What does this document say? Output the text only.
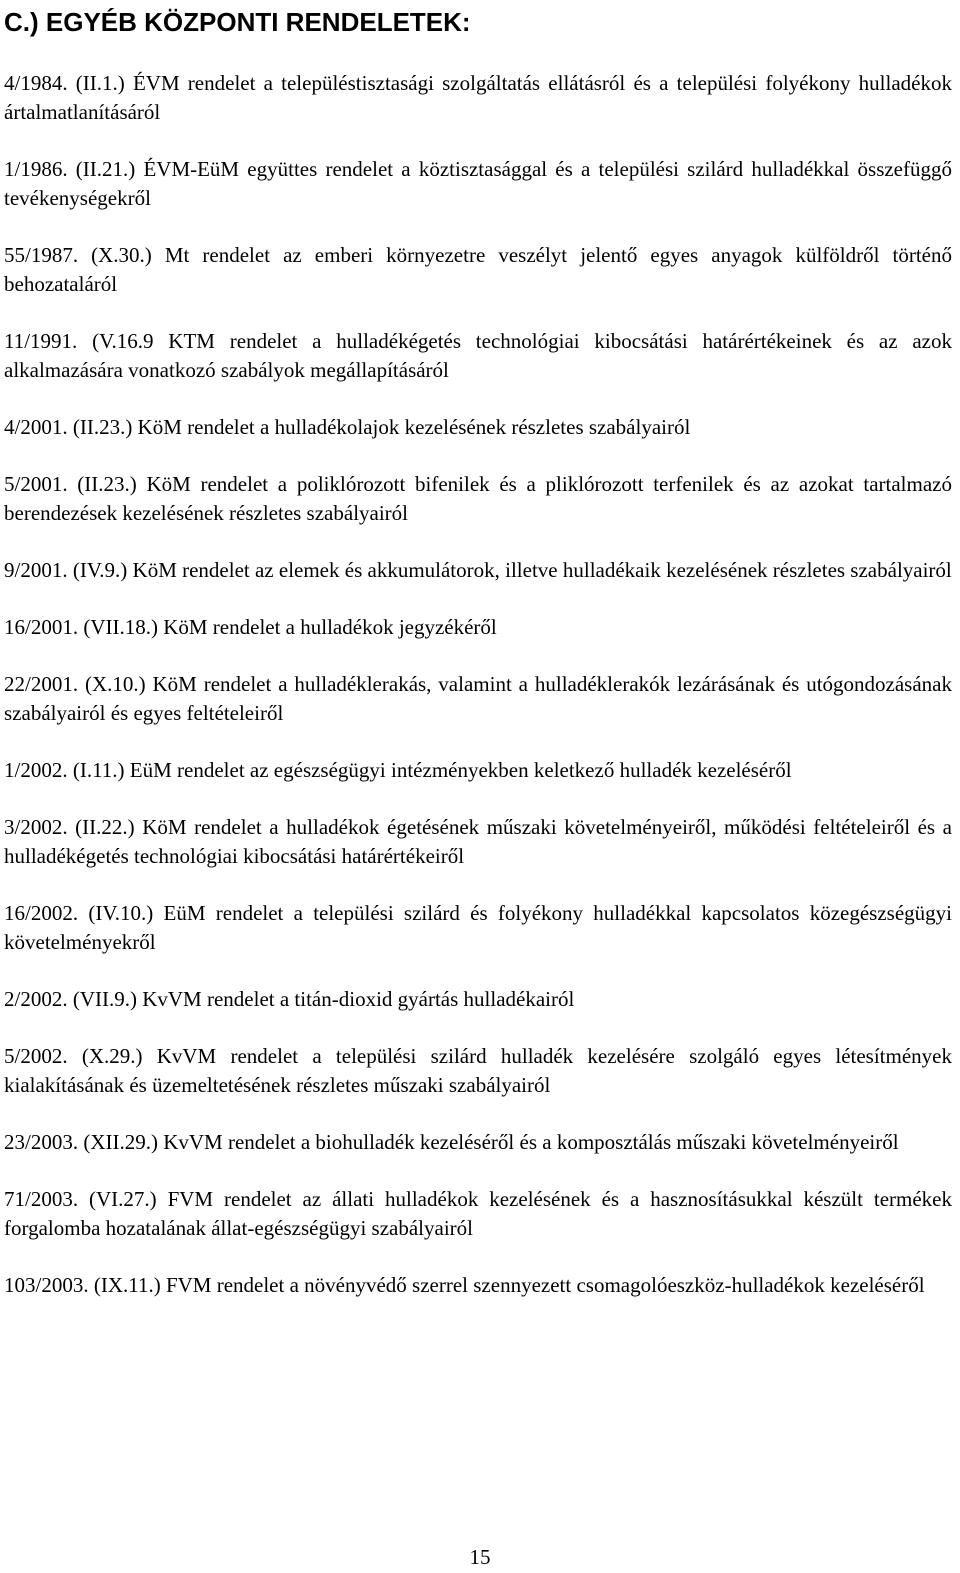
C.) EGYÉB KÖZPONTI RENDELETEK:
4/1984. (II.1.) ÉVM rendelet a településtisztasági szolgáltatás ellátásról és a települési folyékony hulladékok ártalmatlanításáról
1/1986. (II.21.) ÉVM-EüM együttes rendelet a köztisztasággal és a települési szilárd hulladékkal összefüggő tevékenységekről
55/1987. (X.30.) Mt rendelet az emberi környezetre veszélyt jelentő egyes anyagok külföldről történő behozataláról
11/1991. (V.16.9 KTM rendelet a hulladékégetés technológiai kibocsátási határértékeinek és az azok alkalmazására vonatkozó szabályok megállapításáról
4/2001. (II.23.) KöM rendelet a hulladékolajok kezelésének részletes szabályairól
5/2001. (II.23.) KöM rendelet a poliklórozott bifenilek és a pliklórozott terfenilek és az azokat tartalmazó berendezések kezelésének részletes szabályairól
9/2001. (IV.9.) KöM rendelet az elemek és akkumulátorok, illetve hulladékaik kezelésének részletes szabályairól
16/2001. (VII.18.) KöM rendelet a hulladékok jegyzékéről
22/2001. (X.10.) KöM rendelet a hulladéklerakás, valamint a hulladéklerakók lezárásának és utógondozásának szabályairól és egyes feltételeiről
1/2002. (I.11.) EüM rendelet az egészségügyi intézményekben keletkező hulladék kezeléséről
3/2002. (II.22.) KöM rendelet a hulladékok égetésének műszaki követelményeiről, működési feltételeiről és a hulladékégetés technológiai kibocsátási határértékeiről
16/2002. (IV.10.) EüM rendelet a települési szilárd és folyékony hulladékkal kapcsolatos közegészségügyi követelményekről
2/2002. (VII.9.) KvVM rendelet a titán-dioxid gyártás hulladékairól
5/2002. (X.29.) KvVM rendelet a települési szilárd hulladék kezelésére szolgáló egyes létesítmények kialakításának és üzemeltetésének részletes műszaki szabályairól
23/2003. (XII.29.) KvVM rendelet a biohulladék kezeléséről és a komposztálás műszaki követelményeiről
71/2003. (VI.27.) FVM rendelet az állati hulladékok kezelésének és a hasznosításukkal készült termékek forgalomba hozatalának állat-egészségügyi szabályairól
103/2003. (IX.11.) FVM rendelet a növényvédő szerrel szennyezett csomagolóeszköz-hulladékok kezeléséről
15
